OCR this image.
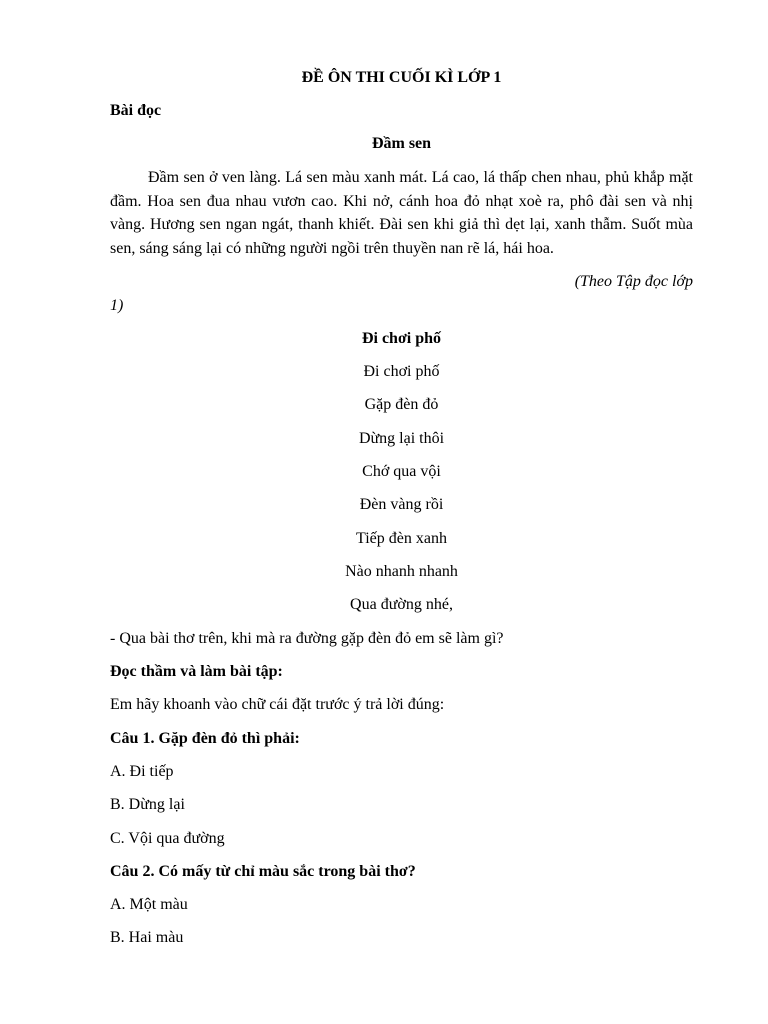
ĐỀ ÔN THI CUỐI KÌ LỚP 1
Bài đọc
Đầm sen
Đầm sen ở ven làng. Lá sen màu xanh mát. Lá cao, lá thấp chen nhau, phủ khắp mặt đầm. Hoa sen đua nhau vươn cao. Khi nở, cánh hoa đỏ nhạt xoè ra, phô đài sen và nhị vàng. Hương sen ngan ngát, thanh khiết. Đài sen khi giả thì dẹt lại, xanh thẫm. Suốt mùa sen, sáng sáng lại có những người ngồi trên thuyền nan rẽ lá, hái hoa.
(Theo Tập đọc lớp
1)
Đi chơi phố
Đi chơi phố
Gặp đèn đỏ
Dừng lại thôi
Chớ qua vội
Đèn vàng rồi
Tiếp đèn xanh
Nào nhanh nhanh
Qua đường nhé,
- Qua bài thơ trên, khi mà ra đường gặp đèn đỏ em sẽ làm gì?
Đọc thầm và làm bài tập:
Em hãy khoanh vào chữ cái đặt trước ý trả lời đúng:
Câu 1. Gặp đèn đỏ thì phải:
A. Đi tiếp
B. Dừng lại
C. Vội qua đường
Câu 2. Có mấy từ chỉ màu sắc trong bài thơ?
A. Một màu
B. Hai màu
